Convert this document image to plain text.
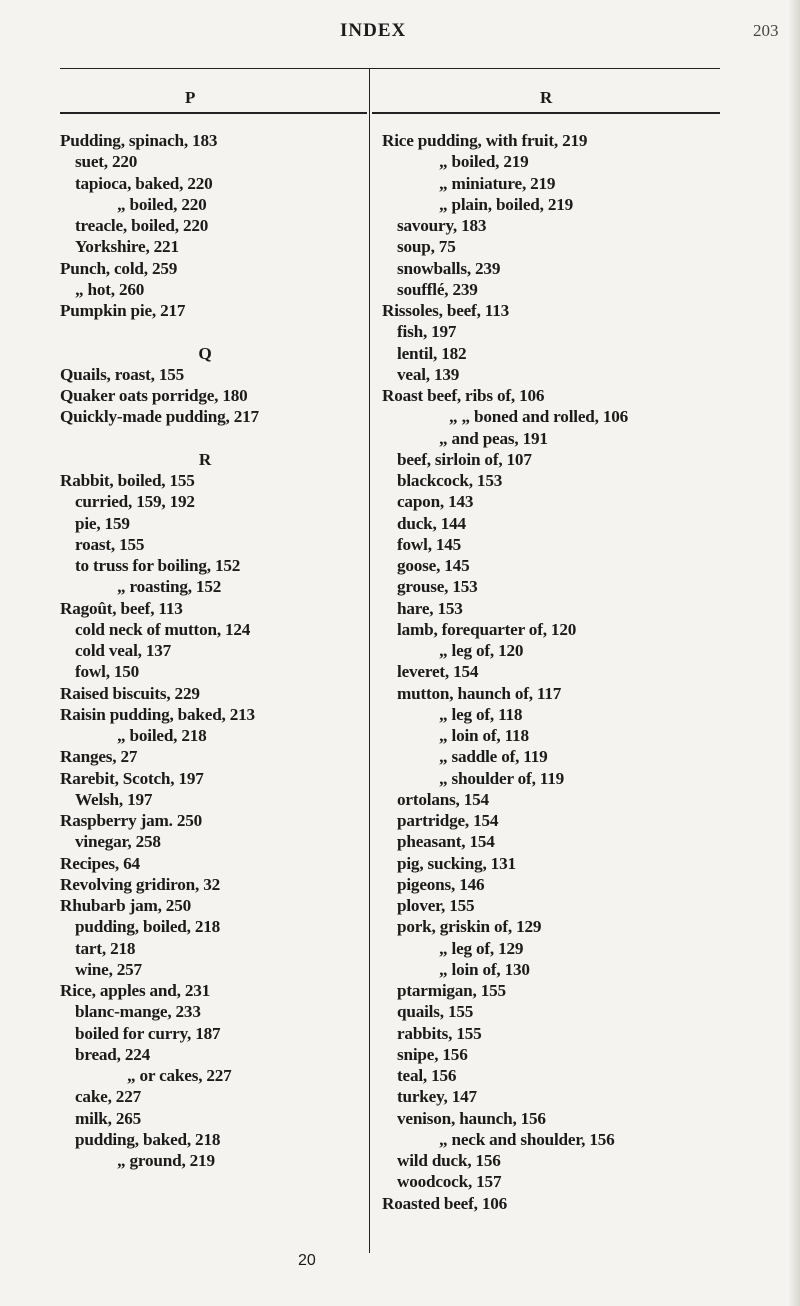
INDEX	203
P	R
Pudding, spinach, 183
suet, 220
tapioca, baked, 220
„ boiled, 220
treacle, boiled, 220
Yorkshire, 221
Punch, cold, 259
„ hot, 260
Pumpkin pie, 217
Q
Quails, roast, 155
Quaker oats porridge, 180
Quickly-made pudding, 217
R
Rabbit, boiled, 155
curried, 159, 192
pie, 159
roast, 155
to truss for boiling, 152
„ roasting, 152
Ragoût, beef, 113
cold neck of mutton, 124
cold veal, 137
fowl, 150
Raised biscuits, 229
Raisin pudding, baked, 213
„ boiled, 218
Ranges, 27
Rarebit, Scotch, 197
Welsh, 197
Raspberry jam. 250
vinegar, 258
Recipes, 64
Revolving gridiron, 32
Rhubarb jam, 250
pudding, boiled, 218
tart, 218
wine, 257
Rice, apples and, 231
blanc-mange, 233
boiled for curry, 187
bread, 224
„ or cakes, 227
cake, 227
milk, 265
pudding, baked, 218
„ ground, 219
Rice pudding, with fruit, 219
„ boiled, 219
„ miniature, 219
„ plain, boiled, 219
savoury, 183
soup, 75
snowballs, 239
soufflé, 239
Rissoles, beef, 113
fish, 197
lentil, 182
veal, 139
Roast beef, ribs of, 106
„ „ boned and rolled, 106
„ and peas, 191
beef, sirloin of, 107
blackcock, 153
capon, 143
duck, 144
fowl, 145
goose, 145
grouse, 153
hare, 153
lamb, forequarter of, 120
„ leg of, 120
leveret, 154
mutton, haunch of, 117
„ leg of, 118
„ loin of, 118
„ saddle of, 119
„ shoulder of, 119
ortolans, 154
partridge, 154
pheasant, 154
pig, sucking, 131
pigeons, 146
plover, 155
pork, griskin of, 129
„ leg of, 129
„ loin of, 130
ptarmigan, 155
quails, 155
rabbits, 155
snipe, 156
teal, 156
turkey, 147
venison, haunch, 156
„ neck and shoulder, 156
wild duck, 156
woodcock, 157
Roasted beef, 106
20
